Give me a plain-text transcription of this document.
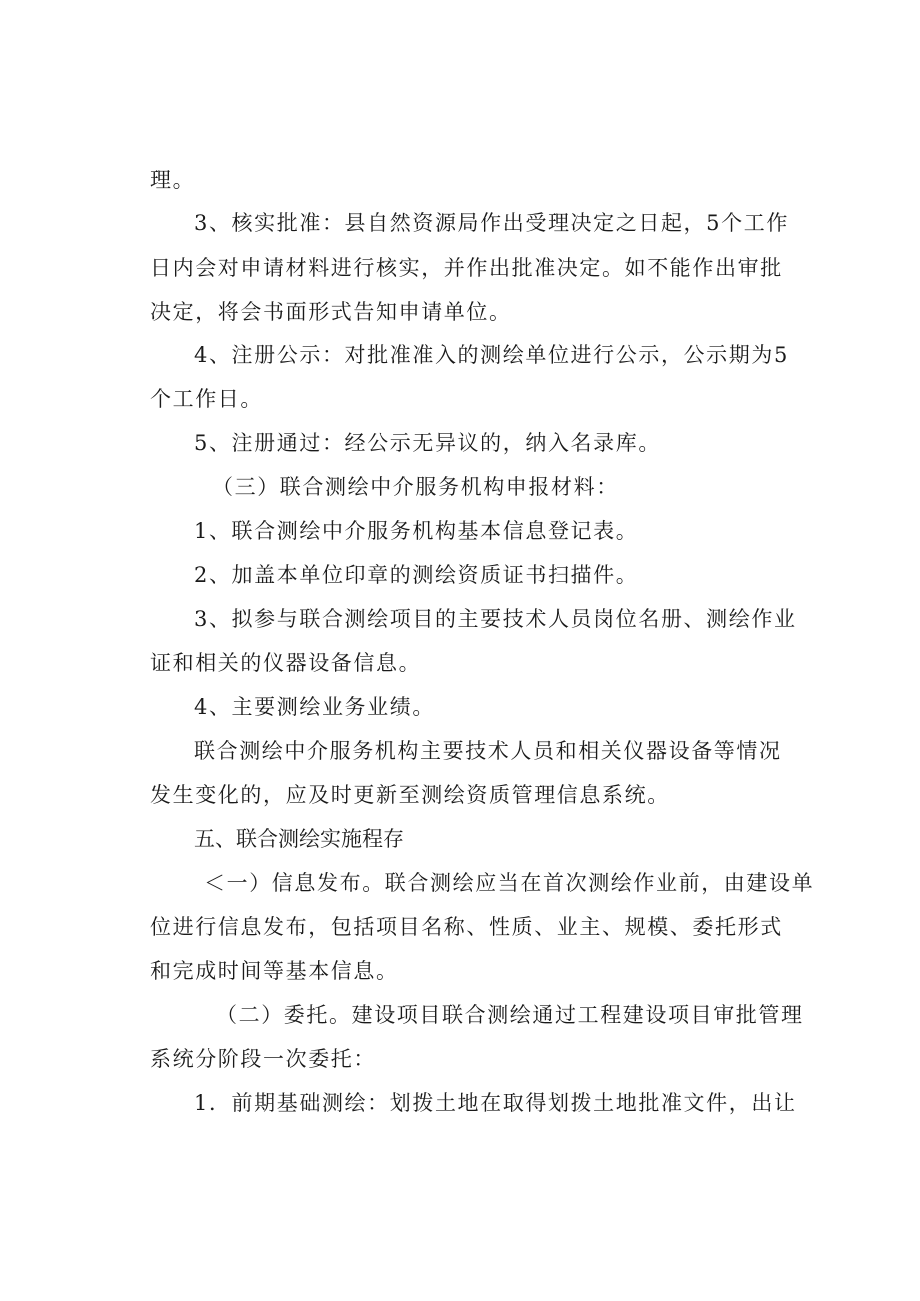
理。
3、核实批准：县自然资源局作出受理决定之日起，5个工作
日内会对申请材料进行核实，并作出批准决定。如不能作出审批
决定，将会书面形式告知申请单位。
4、注册公示：对批准准入的测绘单位进行公示，公示期为5
个工作日。
5、注册通过：经公示无异议的，纳入名录库。
（三）联合测绘中介服务机构申报材料：
1、联合测绘中介服务机构基本信息登记表。
2、加盖本单位印章的测绘资质证书扫描件。
3、拟参与联合测绘项目的主要技术人员岗位名册、测绘作业
证和相关的仪器设备信息。
4、主要测绘业务业绩。
联合测绘中介服务机构主要技术人员和相关仪器设备等情况
发生变化的，应及时更新至测绘资质管理信息系统。
五、联合测绘实施程存
＜一）信息发布。联合测绘应当在首次测绘作业前，由建设单
位进行信息发布，包括项目名称、性质、业主、规模、委托形式
和完成时间等基本信息。
（二）委托。建设项目联合测绘通过工程建设项目审批管理
系统分阶段一次委托：
1．前期基础测绘：划拨土地在取得划拨土地批准文件，出让
